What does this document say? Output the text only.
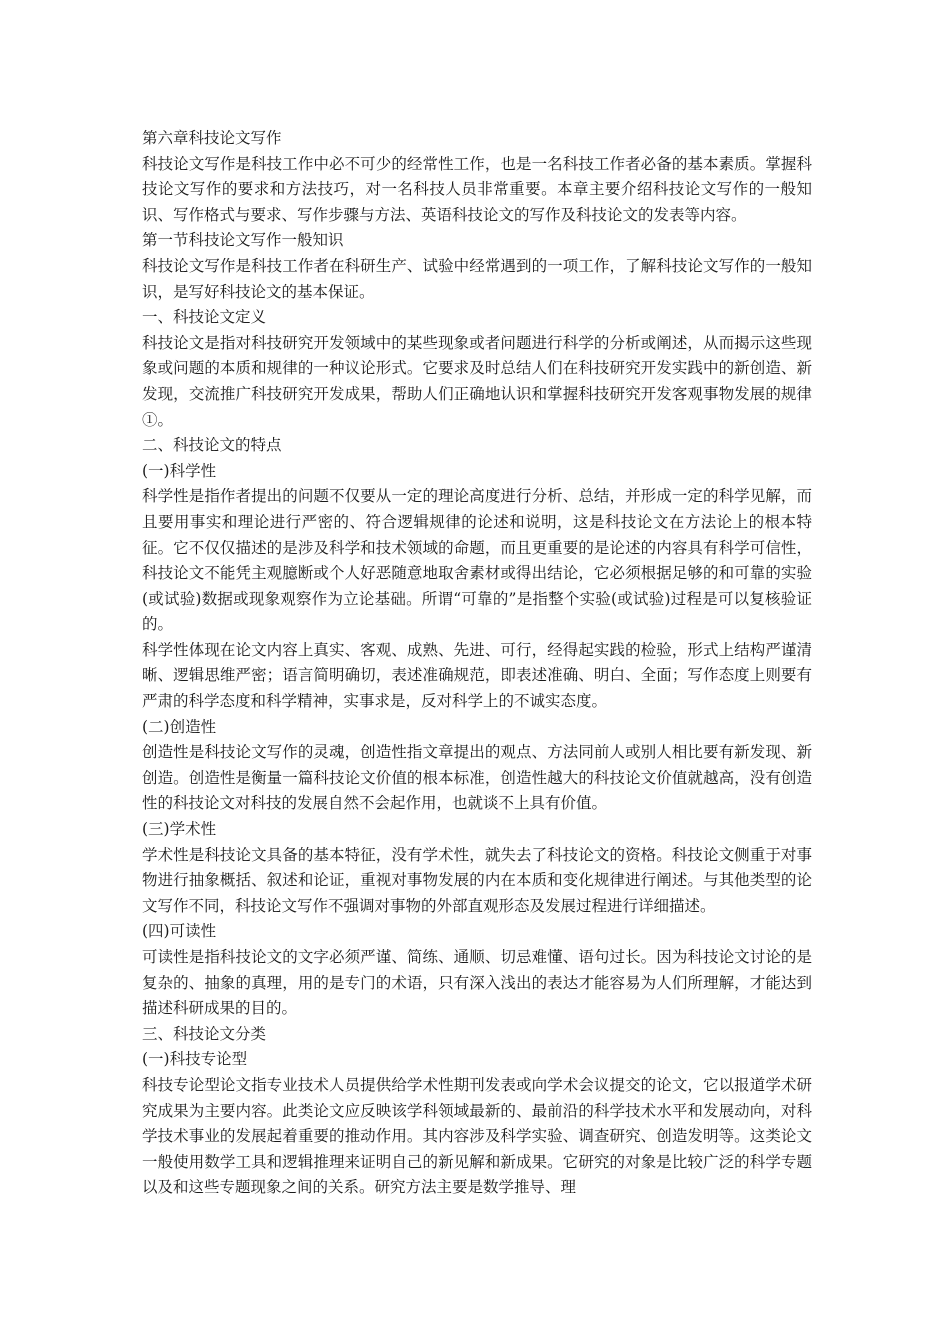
第六章科技论文写作

科技论文写作是科技工作中必不可少的经常性工作，也是一名科技工作者必备的基本素质。掌握科技论文写作的要求和方法技巧，对一名科技人员非常重要。本章主要介绍科技论文写作的一般知识、写作格式与要求、写作步骤与方法、英语科技论文的写作及科技论文的发表等内容。

第一节科技论文写作一般知识

科技论文写作是科技工作者在科研生产、试验中经常遇到的一项工作，了解科技论文写作的一般知识，是写好科技论文的基本保证。

一、科技论文定义

科技论文是指对科技研究开发领域中的某些现象或者问题进行科学的分析或阐述，从而揭示这些现象或问题的本质和规律的一种议论形式。它要求及时总结人们在科技研究开发实践中的新创造、新发现，交流推广科技研究开发成果，帮助人们正确地认识和掌握科技研究开发客观事物发展的规律①。

二、科技论文的特点

(一)科学性

科学性是指作者提出的问题不仅要从一定的理论高度进行分析、总结，并形成一定的科学见解，而且要用事实和理论进行严密的、符合逻辑规律的论述和说明，这是科技论文在方法论上的根本特征。它不仅仅描述的是涉及科学和技术领域的命题，而且更重要的是论述的内容具有科学可信性，科技论文不能凭主观臆断或个人好恶随意地取舍素材或得出结论，它必须根据足够的和可靠的实验(或试验)数据或现象观察作为立论基础。所谓“可靠的”是指整个实验(或试验)过程是可以复核验证的。

科学性体现在论文内容上真实、客观、成熟、先进、可行，经得起实践的检验，形式上结构严谨清晰、逻辑思维严密；语言简明确切，表述准确规范，即表述准确、明白、全面；写作态度上则要有严肃的科学态度和科学精神，实事求是，反对科学上的不诚实态度。

(二)创造性

创造性是科技论文写作的灵魂，创造性指文章提出的观点、方法同前人或别人相比要有新发现、新创造。创造性是衡量一篇科技论文价值的根本标准，创造性越大的科技论文价值就越高，没有创造性的科技论文对科技的发展自然不会起作用，也就谈不上具有价值。

(三)学术性

学术性是科技论文具备的基本特征，没有学术性，就失去了科技论文的资格。科技论文侧重于对事物进行抽象概括、叙述和论证，重视对事物发展的内在本质和变化规律进行阐述。与其他类型的论文写作不同，科技论文写作不强调对事物的外部直观形态及发展过程进行详细描述。

(四)可读性

可读性是指科技论文的文字必须严谨、简练、通顺、切忌难懂、语句过长。因为科技论文讨论的是复杂的、抽象的真理，用的是专门的术语，只有深入浅出的表达才能容易为人们所理解，才能达到描述科研成果的目的。

三、科技论文分类

(一)科技专论型

科技专论型论文指专业技术人员提供给学术性期刊发表或向学术会议提交的论文，它以报道学术研究成果为主要内容。此类论文应反映该学科领域最新的、最前沿的科学技术水平和发展动向，对科学技术事业的发展起着重要的推动作用。其内容涉及科学实验、调查研究、创造发明等。这类论文一般使用数学工具和逻辑推理来证明自己的新见解和新成果。它研究的对象是比较广泛的科学专题以及和这些专题现象之间的关系。研究方法主要是数学推导、理
